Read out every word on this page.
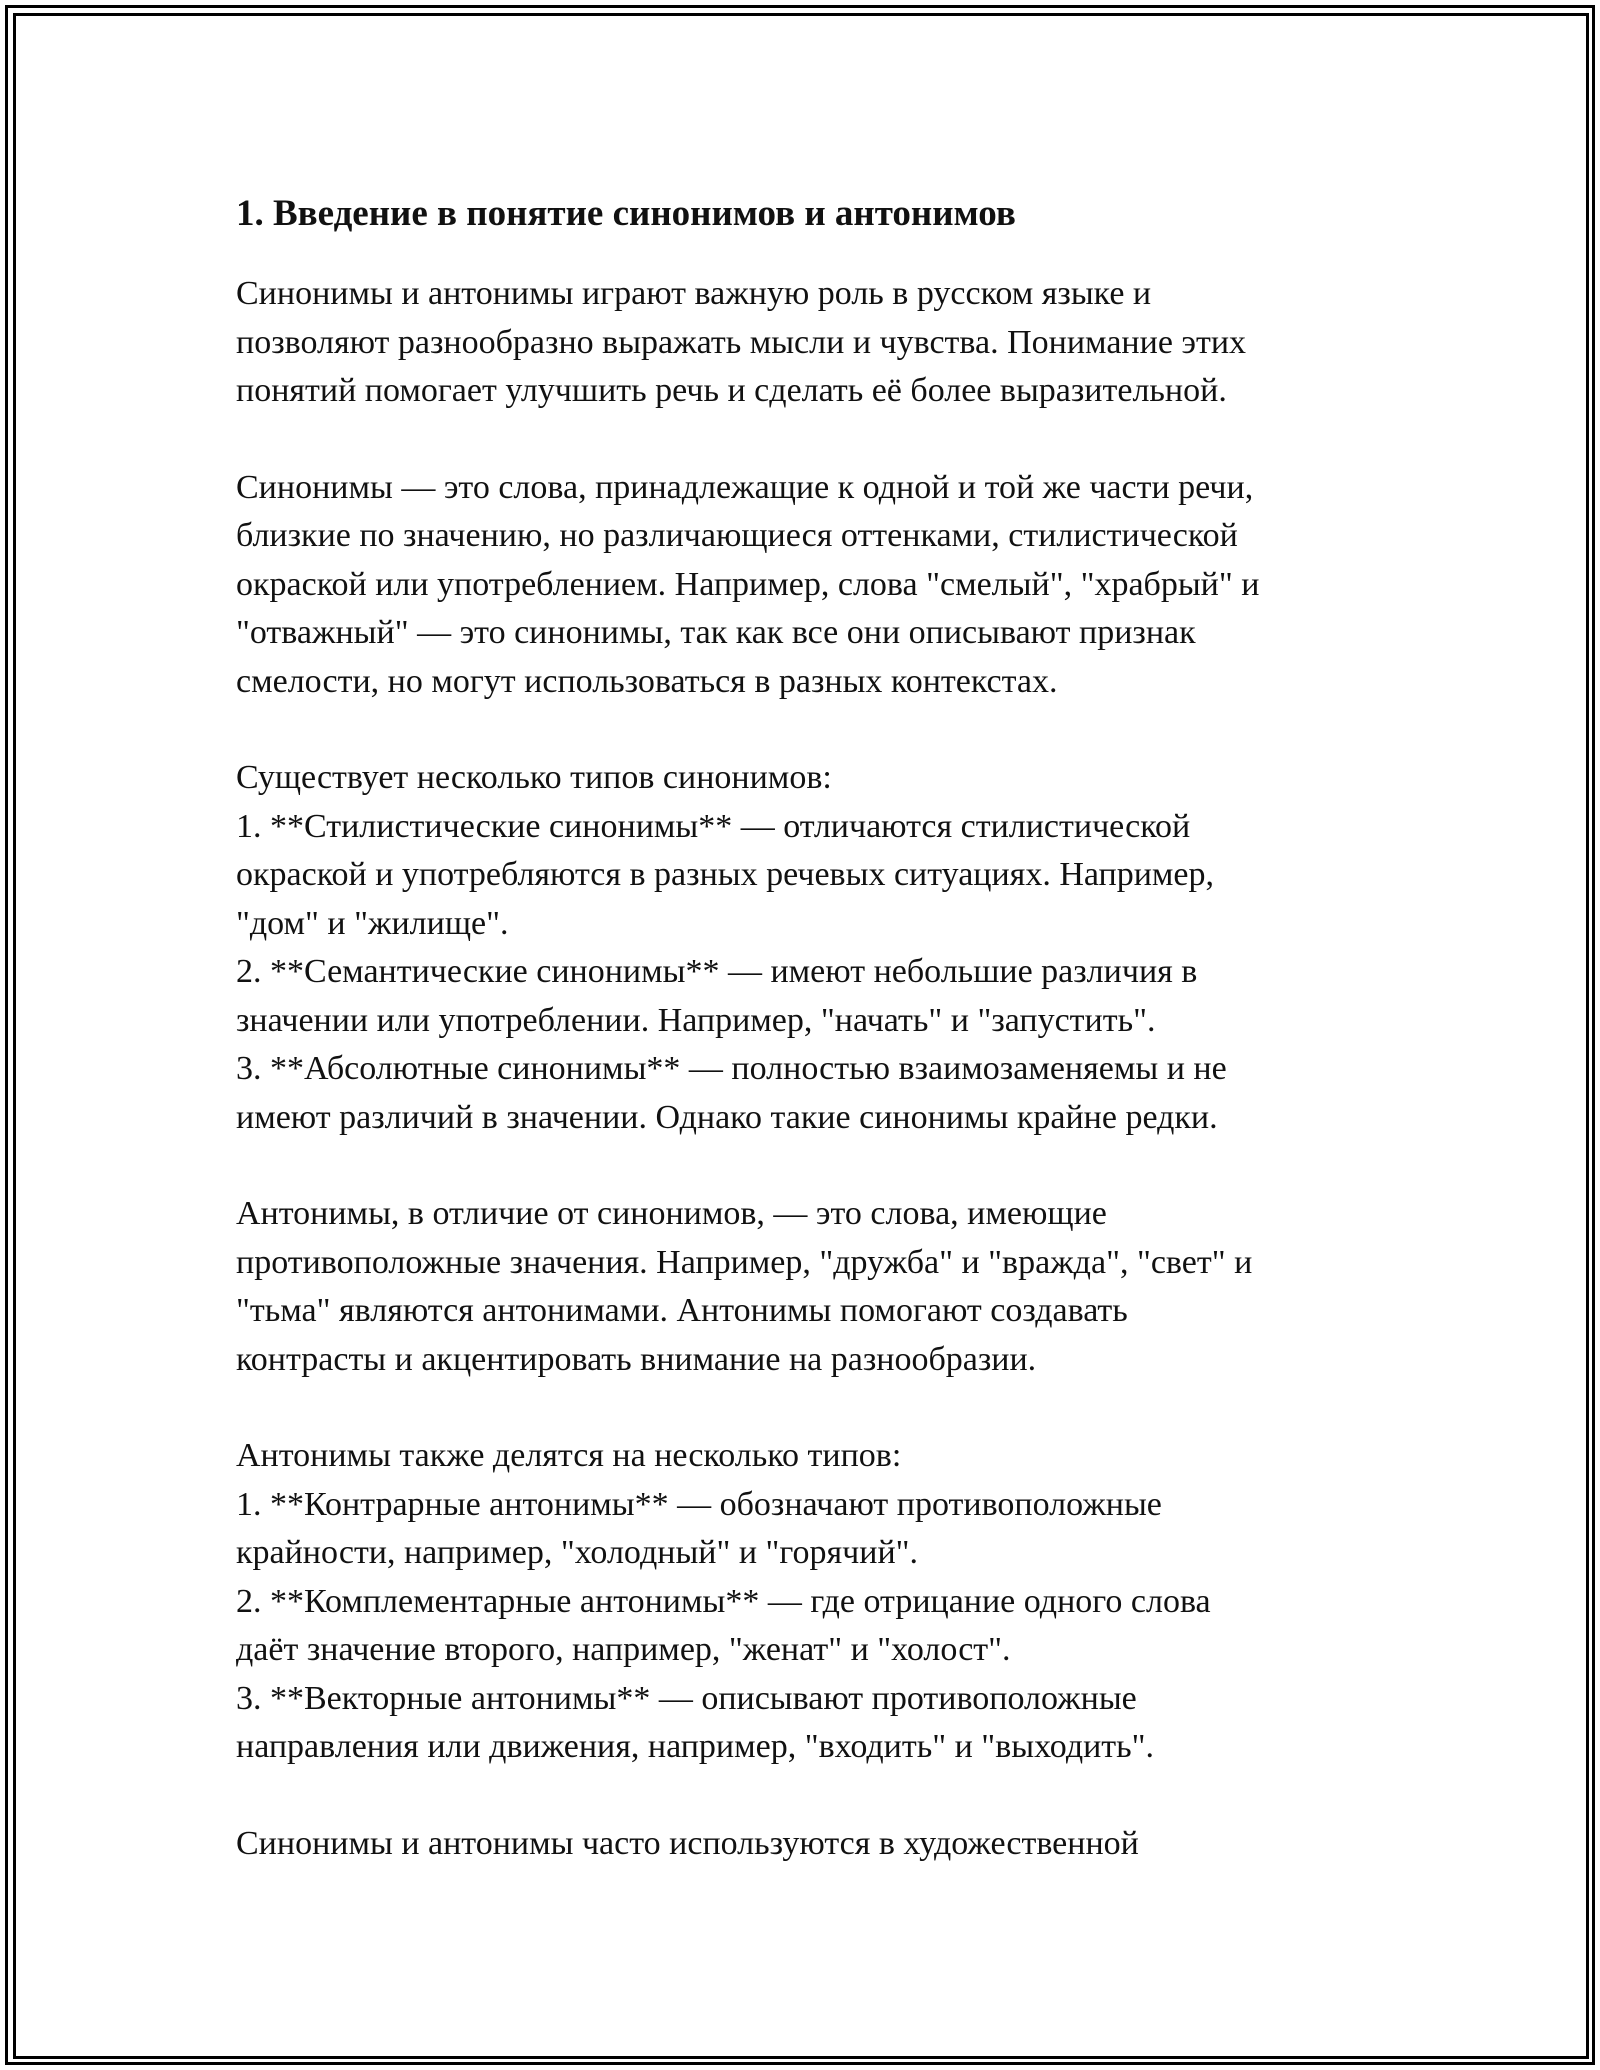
1. Введение в понятие синонимов и антонимов

Синонимы и антонимы играют важную роль в русском языке и
позволяют разнообразно выражать мысли и чувства. Понимание этих
понятий помогает улучшить речь и сделать её более выразительной.

Синонимы — это слова, принадлежащие к одной и той же части речи,
близкие по значению, но различающиеся оттенками, стилистической
окраской или употреблением. Например, слова "смелый", "храбрый" и
"отважный" — это синонимы, так как все они описывают признак
смелости, но могут использоваться в разных контекстах.

Существует несколько типов синонимов:
1. **Стилистические синонимы** — отличаются стилистической
окраской и употребляются в разных речевых ситуациях. Например,
"дом" и "жилище".
2. **Семантические синонимы** — имеют небольшие различия в
значении или употреблении. Например, "начать" и "запустить".
3. **Абсолютные синонимы** — полностью взаимозаменяемы и не
имеют различий в значении. Однако такие синонимы крайне редки.

Антонимы, в отличие от синонимов, — это слова, имеющие
противоположные значения. Например, "дружба" и "вражда", "свет" и
"тьма" являются антонимами. Антонимы помогают создавать
контрасты и акцентировать внимание на разнообразии.

Антонимы также делятся на несколько типов:
1. **Контрарные антонимы** — обозначают противоположные
крайности, например, "холодный" и "горячий".
2. **Комплементарные антонимы** — где отрицание одного слова
даёт значение второго, например, "женат" и "холост".
3. **Векторные антонимы** — описывают противоположные
направления или движения, например, "входить" и "выходить".

Синонимы и антонимы часто используются в художественной
